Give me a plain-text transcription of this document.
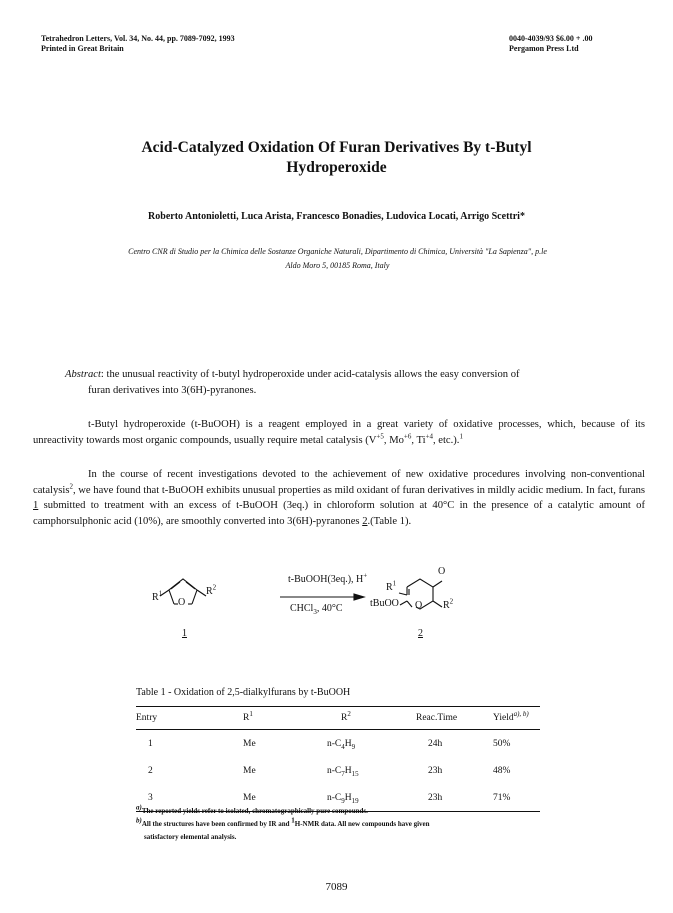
Tetrahedron Letters, Vol. 34, No. 44, pp. 7089-7092, 1993
Printed in Great Britain
0040-4039/93 $6.00 + .00
Pergamon Press Ltd
Acid-Catalyzed Oxidation Of Furan Derivatives By t-Butyl
Hydroperoxide
Roberto Antonioletti, Luca Arista, Francesco Bonadies, Ludovica Locati, Arrigo Scettri*
Centro CNR di Studio per la Chimica delle Sostanze Organiche Naturali, Dipartimento di Chimica, Università "La Sapienza", p.le
Aldo Moro 5, 00185 Roma, Italy
Abstract: the unusual reactivity of t-butyl hydroperoxide under acid-catalysis allows the easy conversion of
furan derivatives into 3(6H)-pyranones.
t-Butyl hydroperoxide (t-BuOOH) is a reagent employed in a great variety of oxidative processes, which, because of its unreactivity towards most organic compounds, usually require metal catalysis ($V^{+5}$, $Mo^{+6}$, $Ti^{+4}$, etc.).$^1$
In the course of recent investigations devoted to the achievement of new oxidative procedures involving non-conventional catalysis$^2$, we have found that t-BuOOH exhibits unusual properties as mild oxidant of furan derivatives in mildly acidic medium. In fact, furans 1 submitted to treatment with an excess of t-BuOOH (3eq.) in chloroform solution at 40°C in the presence of a catalytic amount of camphorsulphonic acid (10%), are smoothly converted into 3(6H)-pyranones 2.(Table 1).
$R^1$
O
$R^2$
1
t-BuOOH(3eq.), H+
CHCl$_3$, 40°C
O
$R^1$
tBuOO O $R^2$
2
Table 1 - Oxidation of 2,5-dialkylfurans by t-BuOOH
Entry	$R^1$	$R^2$	Reac.Time	Yield$^{a), b)}$
1	Me	$n-C_4H_9$	24h	50%
2	Me	$n-C_7H_{15}$	23h	48%
3	Me	$n-C_9H_{19}$	23h	71%
$^{a)}$The reported yields refer to isolated, chromatographically pure compounds.
$^{b)}$All the structures have been confirmed by IR and $^1$H-NMR data. All new compounds have given
satisfactory elemental analysis.
7089
